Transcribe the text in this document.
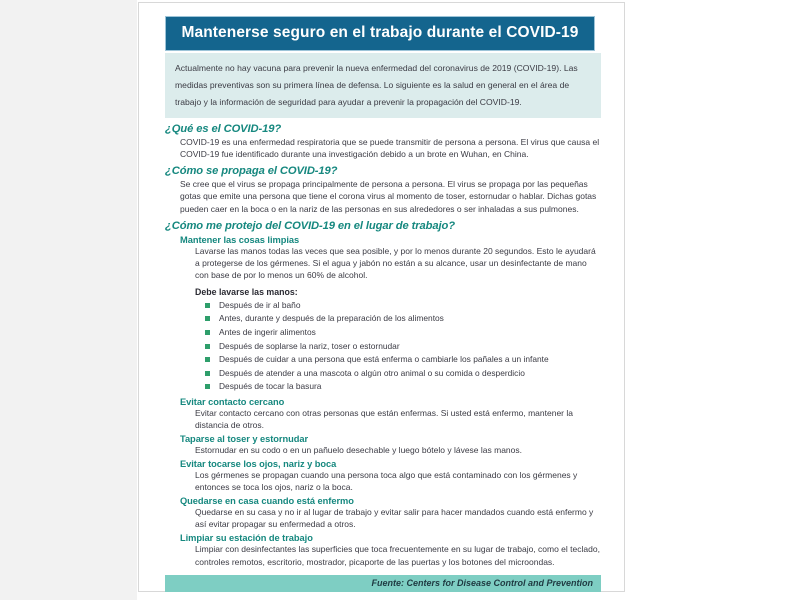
Mantenerse seguro en el trabajo durante el COVID-19

Actualmente no hay vacuna para prevenir la nueva enfermedad del coronavirus de 2019 (COVID-19). Las medidas preventivas son su primera línea de defensa. Lo siguiente es la salud en general en el área de trabajo y la información de seguridad para ayudar a prevenir la propagación del COVID-19.

¿Qué es el COVID-19?

COVID-19 es una enfermedad respiratoria que se puede transmitir de persona a persona. El virus que causa el COVID-19 fue identificado durante una investigación debido a un brote en Wuhan, en China.

¿Cómo se propaga el COVID-19?

Se cree que el virus se propaga principalmente de persona a persona. El virus se propaga por las pequeñas gotas que emite una persona que tiene el corona virus al momento de toser, estornudar o hablar. Dichas gotas pueden caer en la boca o en la nariz de las personas en sus alrededores o ser inhaladas a sus pulmones.

¿Cómo me protejo del COVID-19 en el lugar de trabajo?
Mantener las cosas limpias

Lavarse las manos todas las veces que sea posible, y por lo menos durante 20 segundos. Esto le ayudará a protegerse de los gérmenes. Si el agua y jabón no están a su alcance, usar un desinfectante de mano con base de por lo menos un 60% de alcohol.

Debe lavarse las manos:
Después de ir al baño
Antes, durante y después de la preparación de los alimentos
Antes de ingerir alimentos
Después de soplarse la nariz, toser o estornudar
Después de cuidar a una persona que está enferma o cambiarle los pañales a un infante
Después de atender a una mascota o algún otro animal o su comida o desperdicio
Después de tocar la basura
Evitar contacto cercano

Evitar contacto cercano con otras personas que están enfermas. Si usted está enfermo, mantener la distancia de otros.

Taparse al toser y estornudar

Estornudar en su codo o en un pañuelo desechable y luego bótelo y lávese las manos.

Evitar tocarse los ojos, nariz y boca

Los gérmenes se propagan cuando una persona toca algo que está contaminado con los gérmenes y entonces se toca los ojos, nariz o la boca.

Quedarse en casa cuando está enfermo

Quedarse en su casa y no ir al lugar de trabajo y evitar salir para hacer mandados cuando está enfermo y así evitar propagar su enfermedad a otros.

Limpiar su estación de trabajo

Limpiar con desinfectantes las superficies que toca frecuentemente en su lugar de trabajo, como el teclado, controles remotos, escritorio, mostrador, picaporte de las puertas y los botones del microondas.

Fuente: Centers for Disease Control and Prevention
